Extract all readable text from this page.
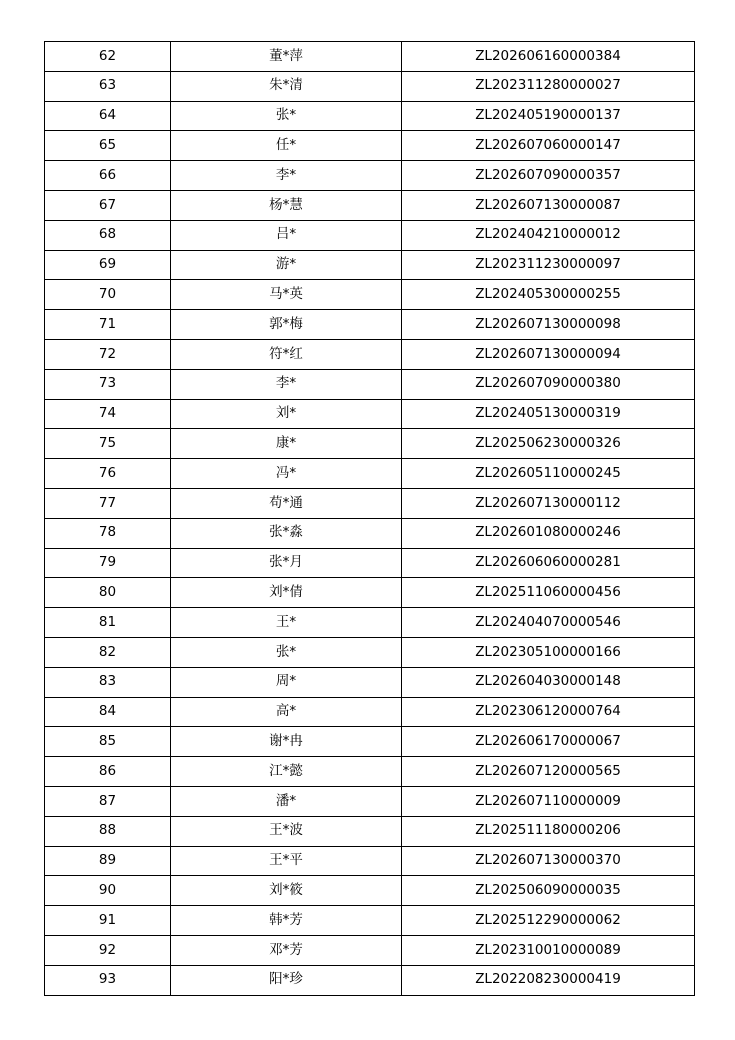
62	董*萍	ZL202606160000384
63	朱*清	ZL202311280000027
64	张*	ZL202405190000137
65	任*	ZL202607060000147
66	李*	ZL202607090000357
67	杨*慧	ZL202607130000087
68	吕*	ZL202404210000012
69	游*	ZL202311230000097
70	马*英	ZL202405300000255
71	郭*梅	ZL202607130000098
72	符*红	ZL202607130000094
73	李*	ZL202607090000380
74	刘*	ZL202405130000319
75	康*	ZL202506230000326
76	冯*	ZL202605110000245
77	苟*通	ZL202607130000112
78	张*淼	ZL202601080000246
79	张*月	ZL202606060000281
80	刘*倩	ZL202511060000456
81	王*	ZL202404070000546
82	张*	ZL202305100000166
83	周*	ZL202604030000148
84	高*	ZL202306120000764
85	谢*冉	ZL202606170000067
86	江*懿	ZL202607120000565
87	潘*	ZL202607110000009
88	王*波	ZL202511180000206
89	王*平	ZL202607130000370
90	刘*筱	ZL202506090000035
91	韩*芳	ZL202512290000062
92	邓*芳	ZL202310010000089
93	阳*珍	ZL202208230000419
